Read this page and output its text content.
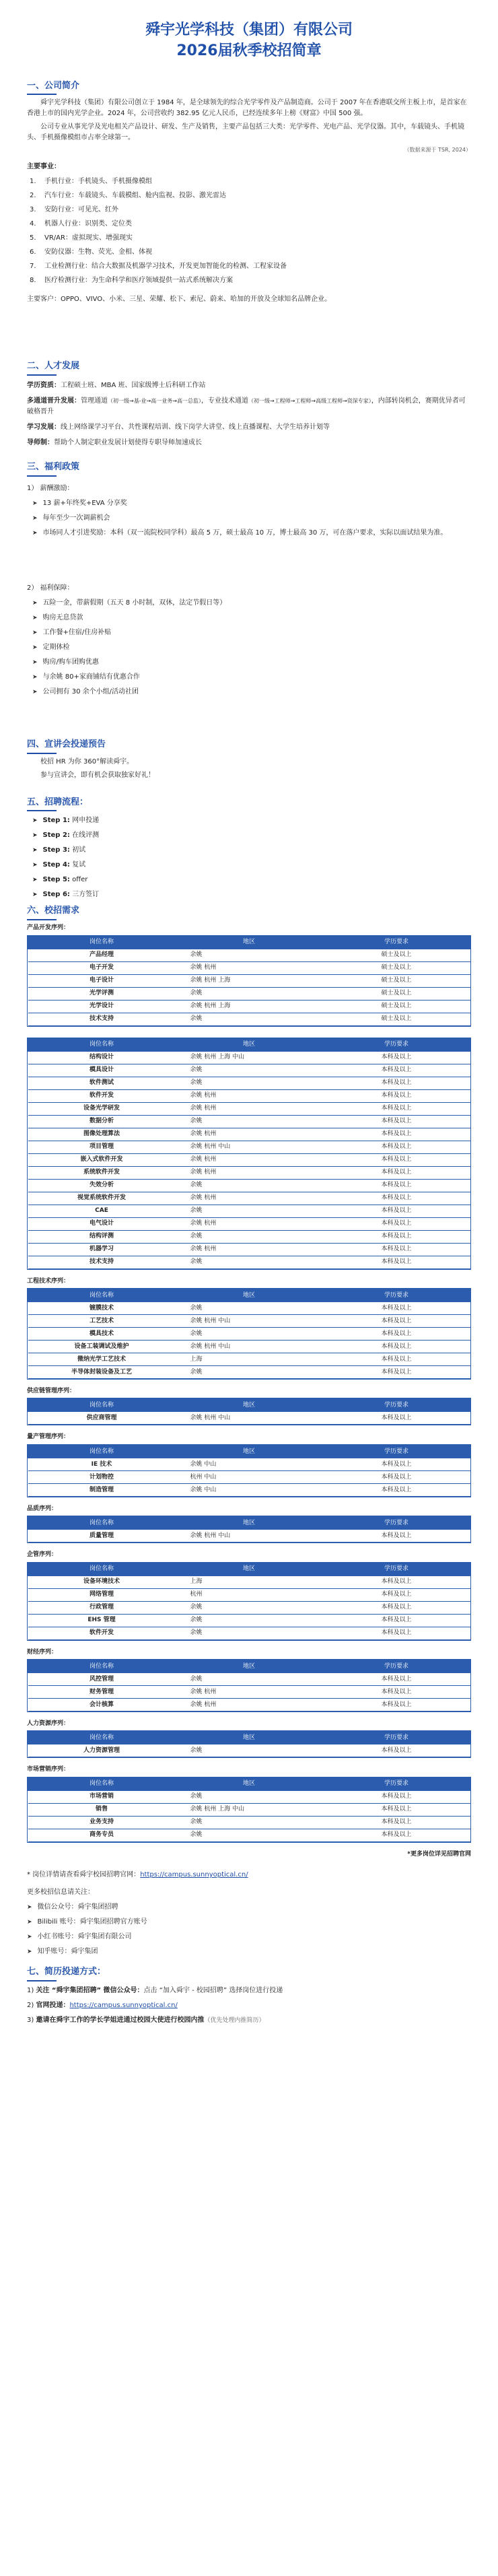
舜宇光学科技（集团）有限公司
2026届秋季校招简章
一、公司简介

舜宇光学科技（集团）有限公司创立于 1984 年，是全球领先的综合光学零件及产品制造商。公司于 2007 年在香港联交所主板上市，是首家在香港上市的国内光学企业。2024 年，公司营收约 382.95 亿元人民币，已经连续多年上榜《财富》中国 500 强。

公司专业从事光学及光电相关产品设计、研发、生产及销售，主要产品包括三大类：光学零件、光电产品、光学仪器。其中，车载镜头、手机镜头、手机摄像模组市占率全球第一。

（数据来源于 TSR, 2024）
主要事业：
1. 手机行业：手机镜头、手机摄像模组
2. 汽车行业：车载镜头、车载模组、舱内监视、投影、激光雷达
3. 安防行业：可见光、红外
4. 机器人行业：识别类、定位类
5. VR/AR：虚拟现实、增强现实
6. 安防仪器：生物、荧光、金相、体视
7. 工业检测行业：结合大数据及机器学习技术，开发更加智能化的检测、工程家设备
8. 医疗检测行业：为生命科学和医疗领域提供一站式系统解决方案
主要客户：OPPO、VIVO、小米、三星、荣耀、松下、索尼、蔚来、哈加的开放及全球知名品牌企业。
二、人才发展
学历资质：工程硕士班、MBA 班、国家级博士后科研工作站
多通道晋升发展：管理通道（初一级→基-业→高一业务→高一总监），专业技术通道（初一级→工程师→工程师→高级工程师→资深专家），内部转岗机会，赛期优异者可破格晋升
学习发展：线上网络课学习平台、共性课程培训、线下岗学大讲堂、线上直播课程、大学生培养计划等
导师制：帮助个人制定职业发展计划使得专职导师加速成长
三、福利政策
1） 薪酬激励：
➤ 13 薪+年终奖+EVA 分享奖
➤ 每年至少一次调薪机会
➤ 市场同人才引进奖励：本科（双一流院校同学科）最高 5 万，硕士最高 10 万，博士最高 30 万，可在落户要求，实际以面试结果为准。
2） 福利保障：
➤ 五险一金，带薪假期（五天 8 小时制，双休，法定节假日等）
➤ 购房无息贷款
➤ 工作餐+住宿/住房补贴
➤ 定期体检
➤ 购房/购车团购优惠
➤ 与余姚 80+家商铺结有优惠合作
➤ 公司拥有 30 余个小组/活动社团
四、宣讲会投递预告

校招 HR 为你 360°解读舜宇。

参与宣讲会，即有机会获取独家好礼！

五、招聘流程：
➤ Step 1: 网申投递
➤ Step 2: 在线评测
➤ Step 3: 初试
➤ Step 4: 复试
➤ Step 5: offer
➤ Step 6: 三方签订
六、校招需求
产品开发序列：
岗位名称	地区	学历要求
产品经理	余姚	硕士及以上
电子开发	余姚 杭州	硕士及以上
电子设计	余姚 杭州 上海	硕士及以上
光学评测	余姚	硕士及以上
光学设计	余姚 杭州 上海	硕士及以上
技术支持	余姚	硕士及以上
岗位名称	地区	学历要求
结构设计	余姚 杭州 上海 中山	本科及以上
模具设计	余姚	本科及以上
软件测试	余姚	本科及以上
软件开发	余姚 杭州	本科及以上
设备光学研发	余姚 杭州	本科及以上
数据分析	余姚	本科及以上
图像处理算法	余姚 杭州	本科及以上
项目管理	余姚 杭州 中山	本科及以上
嵌入式软件开发	余姚 杭州	本科及以上
系统软件开发	余姚 杭州	本科及以上
失效分析	余姚	本科及以上
视觉系统软件开发	余姚 杭州	本科及以上
CAE	余姚	本科及以上
电气设计	余姚 杭州	本科及以上
结构评测	余姚	本科及以上
机器学习	余姚 杭州	本科及以上
技术支持	余姚	本科及以上
工程技术序列：
岗位名称	地区	学历要求
镀膜技术	余姚	本科及以上
工艺技术	余姚 杭州 中山	本科及以上
模具技术	余姚	本科及以上
设备工装调试及维护	余姚 杭州 中山	本科及以上
微纳光学工艺技术	上海	本科及以上
半导体封装设备及工艺	余姚	本科及以上
供应链管理序列：
岗位名称	地区	学历要求
供应商管理	余姚 杭州 中山	本科及以上
量产管理序列：
岗位名称	地区	学历要求
IE 技术	余姚 中山	本科及以上
计划物控	杭州 中山	本科及以上
制造管理	余姚 中山	本科及以上
品质序列：
岗位名称	地区	学历要求
质量管理	余姚 杭州 中山	本科及以上
企管序列：
岗位名称	地区	学历要求
设备环境技术	上海	本科及以上
网络管理	杭州	本科及以上
行政管理	余姚	本科及以上
EHS 管理	余姚	本科及以上
软件开发	余姚	本科及以上
财经序列：
岗位名称	地区	学历要求
风控管理	余姚	本科及以上
财务管理	余姚 杭州	本科及以上
会计核算	余姚 杭州	本科及以上
人力资源序列：
岗位名称	地区	学历要求
人力资源管理	余姚	本科及以上
市场营销序列：
岗位名称	地区	学历要求
市场营销	余姚	本科及以上
销售	余姚 杭州 上海 中山	本科及以上
业务支持	余姚	本科及以上
商务专员	余姚	本科及以上
*更多岗位详见招聘官网
* 岗位详情请查看舜宇校园招聘官网：https://campus.sunnyoptical.cn/
更多校招信息请关注：
➤ 微信公众号：舜宇集团招聘
➤ Bilibili 账号：舜宇集团招聘官方账号
➤ 小红书账号：舜宇集团有限公司
➤ 知乎账号：舜宇集团
七、简历投递方式：
1) 关注 “舜宇集团招聘” 微信公众号：点击 “加入舜宇 - 校园招聘” 选择岗位进行投递
2) 官网投递：https://campus.sunnyoptical.cn/
3) 邀请在舜宇工作的学长学姐进通过校园大使进行校园内推（优先处理内推简历）
